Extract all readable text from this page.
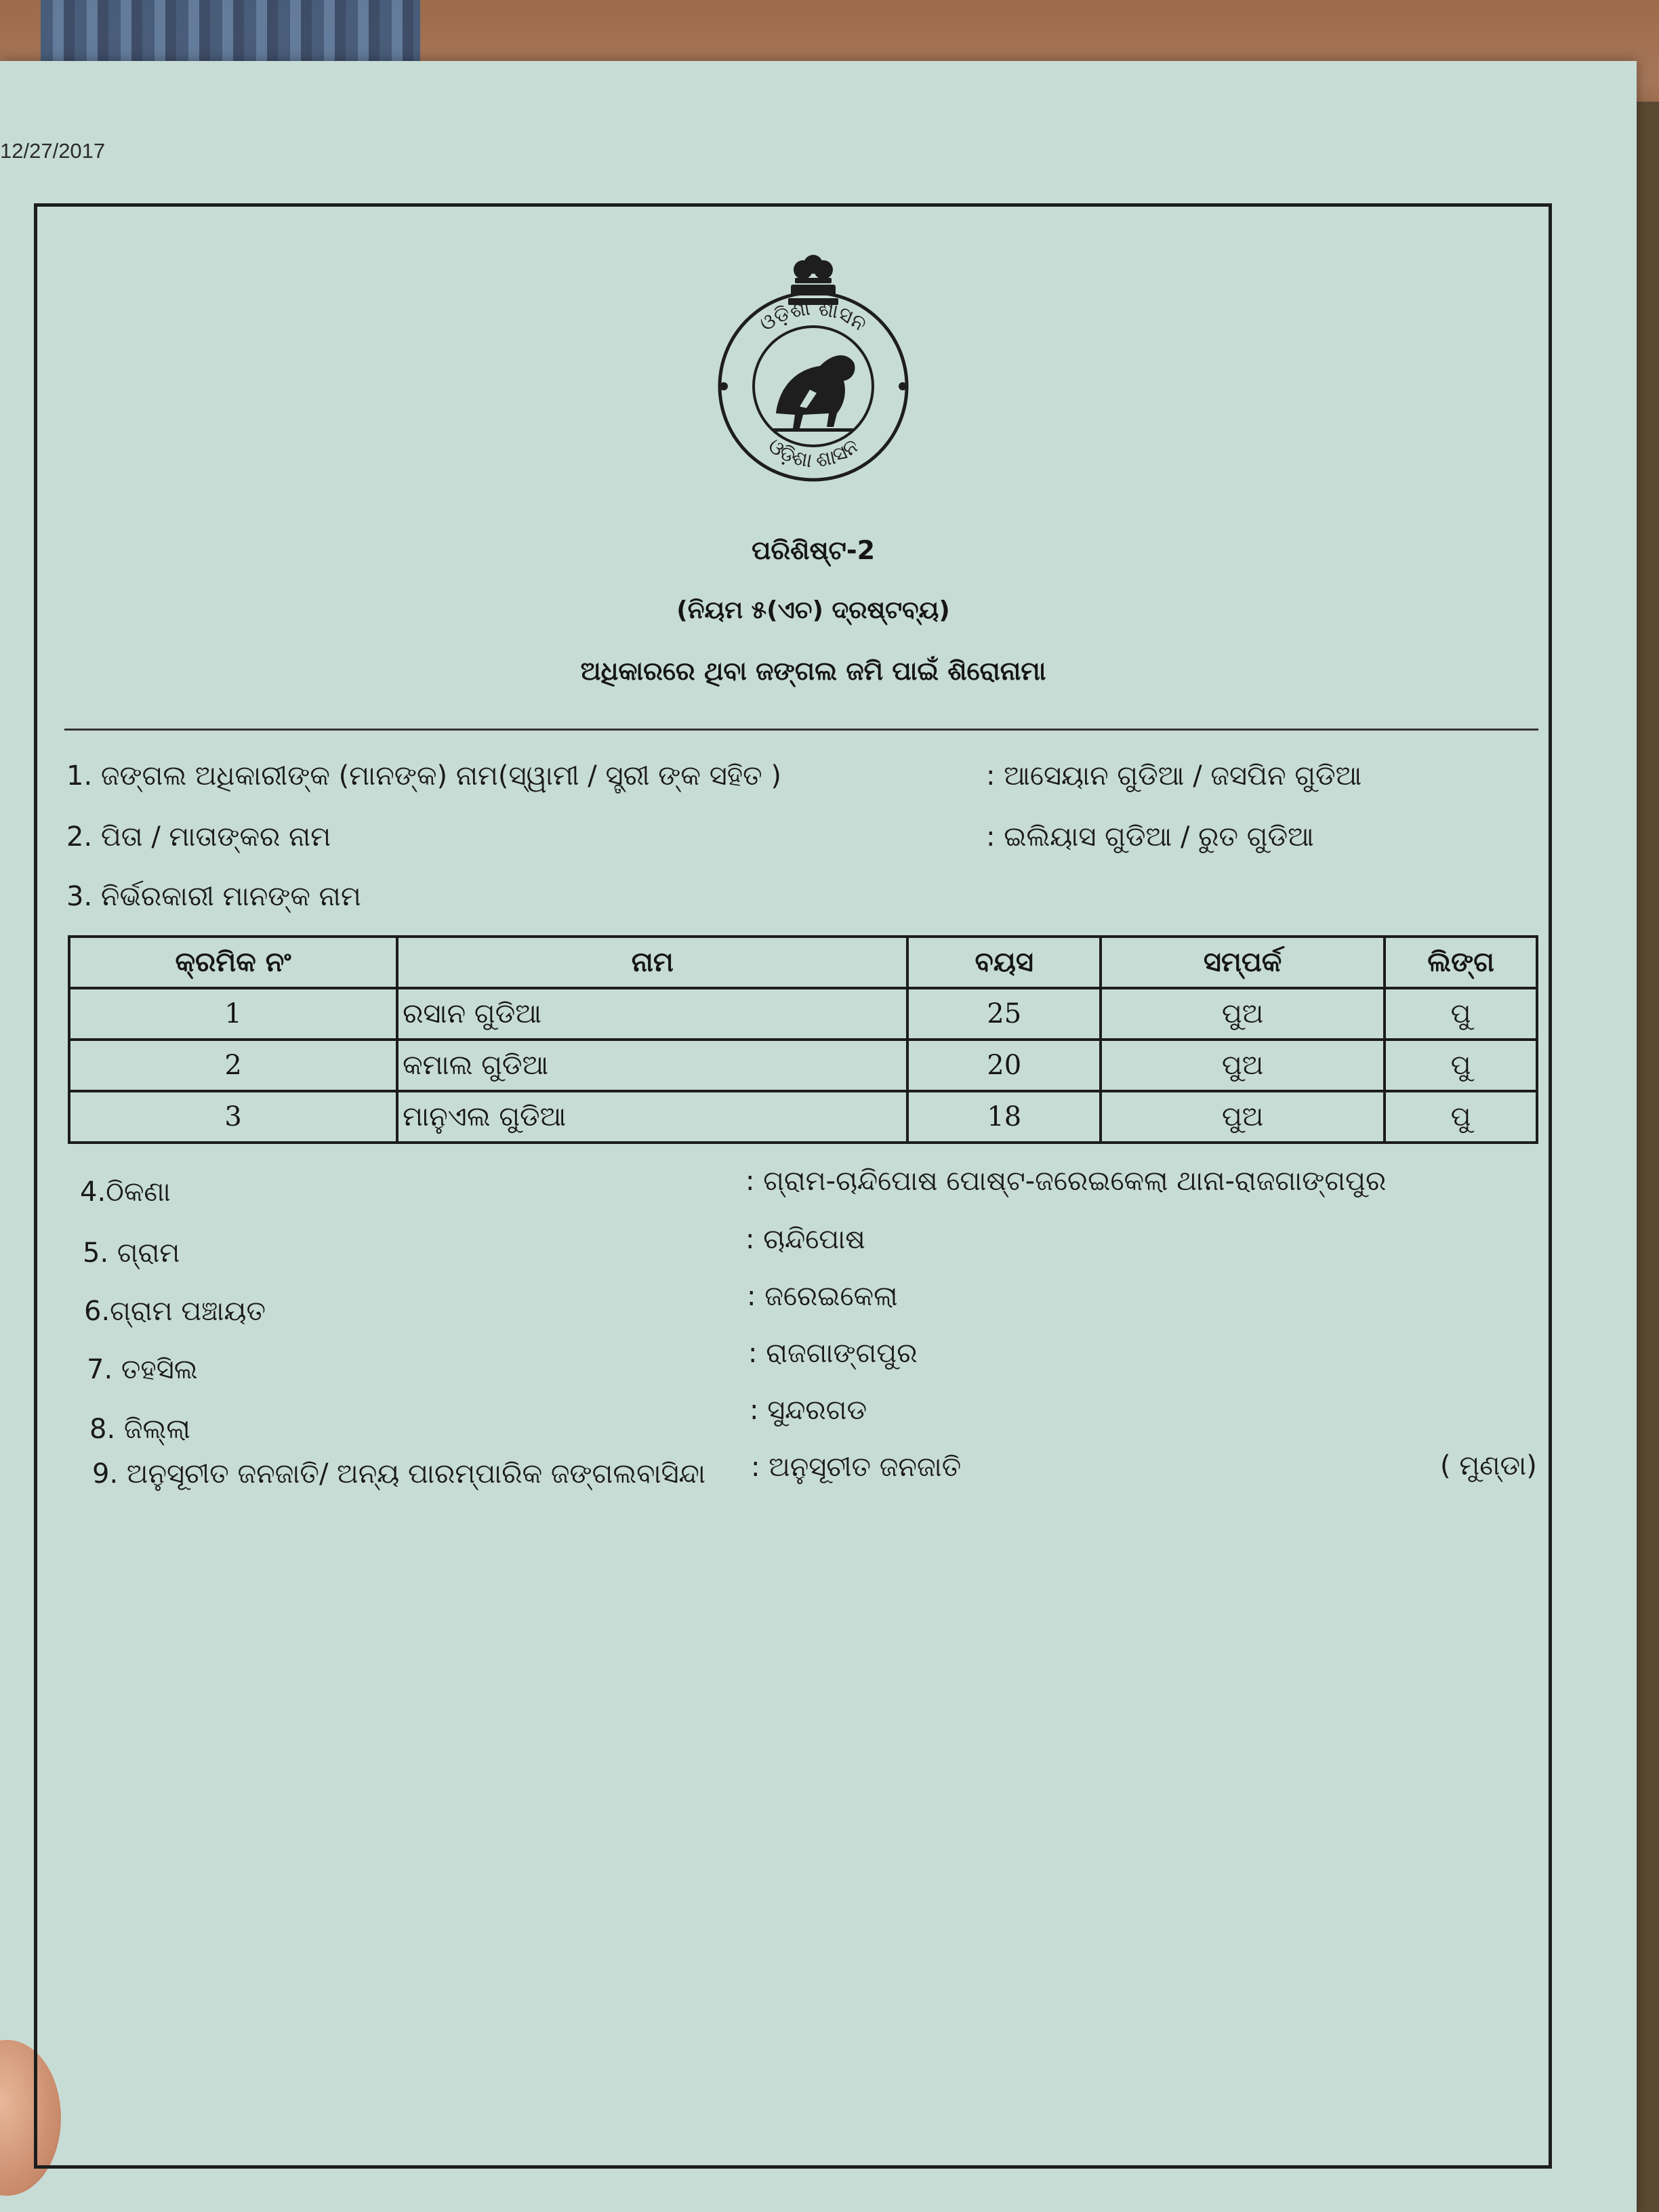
12/27/2017
ଓଡ଼ିଶା ଶାସନ
ଓଡ଼ିଶା ଶାସନ
ପରିଶିଷ୍ଟ-2
(ନିୟମ ୫(ଏଚ) ଦ୍ରଷ୍ଟବ୍ୟ)
ଅଧିକାରରେ ଥିବା ଜଙ୍ଗଲ ଜମି ପାଇଁ ଶିରୋନାମା
1. ଜଙ୍ଗଲ ଅଧିକାରୀଙ୍କ (ମାନଙ୍କ) ନାମ(ସ୍ୱାମୀ / ସ୍ତ୍ରୀ ଙ୍କ ସହିତ )	: ଆସେୟାନ ଗୁଡିଆ / ଜସପିନ ଗୁଡିଆ
2. ପିତା / ମାତାଙ୍କର ନାମ	: ଇଲିୟାସ ଗୁଡିଆ / ରୁତ ଗୁଡିଆ
3. ନିର୍ଭରକାରୀ ମାନଙ୍କ ନାମ
କ୍ରମିକ ନଂ	ନାମ	ବୟସ	ସମ୍ପର୍କ	ଲିଙ୍ଗ
1	ରସାନ ଗୁଡିଆ	25	ପୁଅ	ପୁ
2	କମାଲ ଗୁଡିଆ	20	ପୁଅ	ପୁ
3	ମାନୁଏଲ ଗୁଡିଆ	18	ପୁଅ	ପୁ
4.ଠିକଣା	: ଗ୍ରାମ-ଚାନ୍ଦିପୋଷ ପୋଷ୍ଟ-ଜରେଇକେଲା ଥାନା-ରାଜଗାଙ୍ଗପୁର
5. ଗ୍ରାମ	: ଚାନ୍ଦିପୋଷ
6.ଗ୍ରାମ ପଞ୍ଚାୟତ	: ଜରେଇକେଲା
7. ତହସିଲ
: ରାଜଗାଙ୍ଗପୁର
8. ଜିଲ୍ଲା
: ସୁନ୍ଦରଗଡ
9. ଅନୁସୂଚୀତ ଜନଜାତି/ ଅନ୍ୟ ପାରମ୍ପାରିକ ଜଙ୍ଗଲବାସିନ୍ଦା : ଅନୁସୂଚୀତ ଜନଜାତି	( ମୁଣ୍ଡା)
